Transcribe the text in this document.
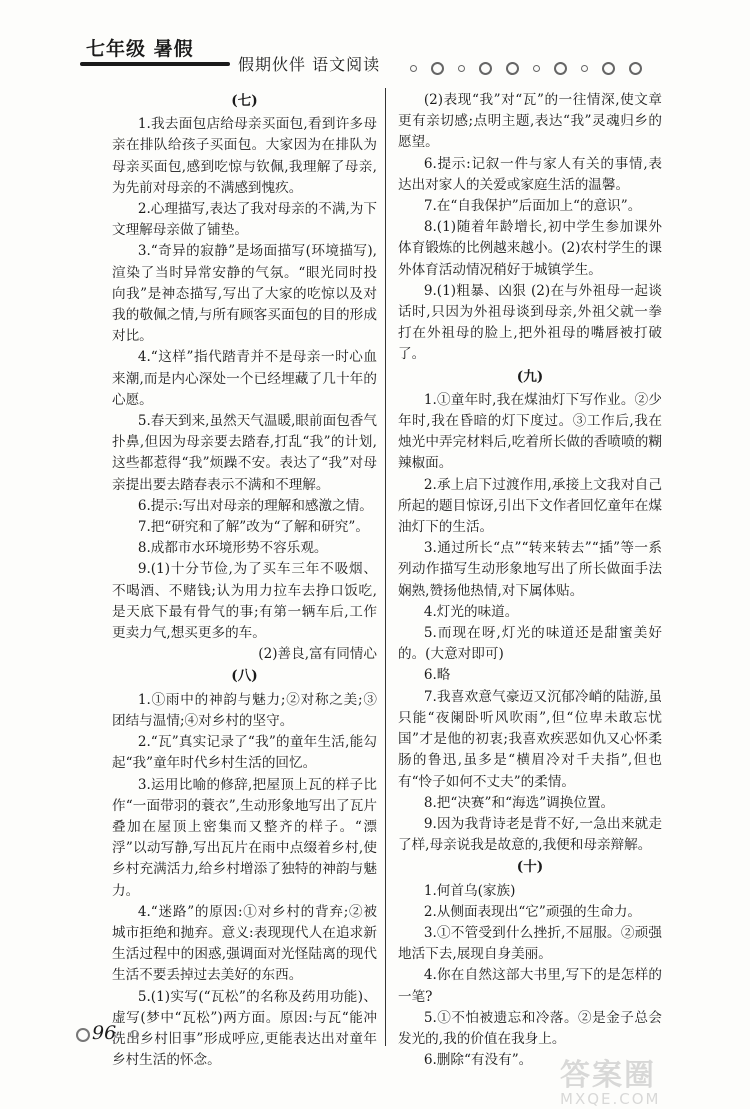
七年级 暑假
假期伙伴 语文阅读
(七)

1.我去面包店给母亲买面包,看到许多母亲在排队给孩子买面包。大家因为在排队为母亲买面包,感到吃惊与钦佩,我理解了母亲,为先前对母亲的不满感到愧疚。

2.心理描写,表达了我对母亲的不满,为下文理解母亲做了铺垫。

3.“奇异的寂静”是场面描写(环境描写),渲染了当时异常安静的气氛。“眼光同时投向我”是神态描写,写出了大家的吃惊以及对我的敬佩之情,与所有顾客买面包的目的形成对比。

4.“这样”指代踏青并不是母亲一时心血来潮,而是内心深处一个已经埋藏了几十年的心愿。

5.春天到来,虽然天气温暖,眼前面包香气扑鼻,但因为母亲要去踏春,打乱“我”的计划,这些都惹得“我”烦躁不安。表达了“我”对母亲提出要去踏春表示不满和不理解。

6.提示:写出对母亲的理解和感激之情。

7.把“研究和了解”改为“了解和研究”。

8.成都市水环境形势不容乐观。

9.(1)十分节俭,为了买车三年不吸烟、不喝酒、不赌钱;认为用力拉车去挣口饭吃,是天底下最有骨气的事;有第一辆车后,工作更卖力气,想买更多的车。

(2)善良,富有同情心

(八)

1.①雨中的神韵与魅力;②对称之美;③团结与温情;④对乡村的坚守。

2.“瓦”真实记录了“我”的童年生活,能勾起“我”童年时代乡村生活的回忆。

3.运用比喻的修辞,把屋顶上瓦的样子比作“一面带羽的蓑衣”,生动形象地写出了瓦片叠加在屋顶上密集而又整齐的样子。“漂浮”以动写静,写出瓦片在雨中点缀着乡村,使乡村充满活力,给乡村增添了独特的神韵与魅力。

4.“迷路”的原因:①对乡村的背弃;②被城市拒绝和抛弃。意义:表现现代人在追求新生活过程中的困惑,强调面对光怪陆离的现代生活不要丢掉过去美好的东西。

5.(1)实写(“瓦松”的名称及药用功能)、虚写(梦中“瓦松”)两方面。原因:与瓦“能冲洗出乡村旧事”形成呼应,更能表达出对童年乡村生活的怀念。

(2)表现“我”对“瓦”的一往情深,使文章更有亲切感;点明主题,表达“我”灵魂归乡的愿望。

6.提示:记叙一件与家人有关的事情,表达出对家人的关爱或家庭生活的温馨。

7.在“自我保护”后面加上“的意识”。

8.(1)随着年龄增长,初中学生参加课外体育锻炼的比例越来越小。(2)农村学生的课外体育活动情况稍好于城镇学生。

9.(1)粗暴、凶狠 (2)在与外祖母一起谈话时,只因为外祖母谈到母亲,外祖父就一拳打在外祖母的脸上,把外祖母的嘴唇被打破了。

(九)

1.①童年时,我在煤油灯下写作业。②少年时,我在昏暗的灯下度过。③工作后,我在烛光中弄完材料后,吃着所长做的香喷喷的糊辣椒面。

2.承上启下过渡作用,承接上文我对自己所起的题目惊讶,引出下文作者回忆童年在煤油灯下的生活。

3.通过所长“点”“转来转去”“插”等一系列动作描写生动形象地写出了所长做面手法娴熟,赞扬他热情,对下属体贴。

4.灯光的味道。

5.而现在呀,灯光的味道还是甜蜜美好的。(大意对即可)

6.略

7.我喜欢意气豪迈又沉郁冷峭的陆游,虽只能“夜阑卧听风吹雨”,但“位卑未敢忘忧国”才是他的初衷;我喜欢疾恶如仇又心怀柔肠的鲁迅,虽多是“横眉冷对千夫指”,但也有“怜子如何不丈夫”的柔情。

8.把“决赛”和“海选”调换位置。

9.因为我背诗老是背不好,一急出来就走了样,母亲说我是故意的,我便和母亲辩解。

(十)

1.何首乌(家族)

2.从侧面表现出“它”顽强的生命力。

3.①不管受到什么挫折,不屈服。②顽强地活下去,展现自身美丽。

4.你在自然这部大书里,写下的是怎样的一笔?

5.①不怕被遗忘和冷落。②是金子总会发光的,我的价值在我身上。

6.删除“有没有”。

96
答案圈
MXQE.COM
